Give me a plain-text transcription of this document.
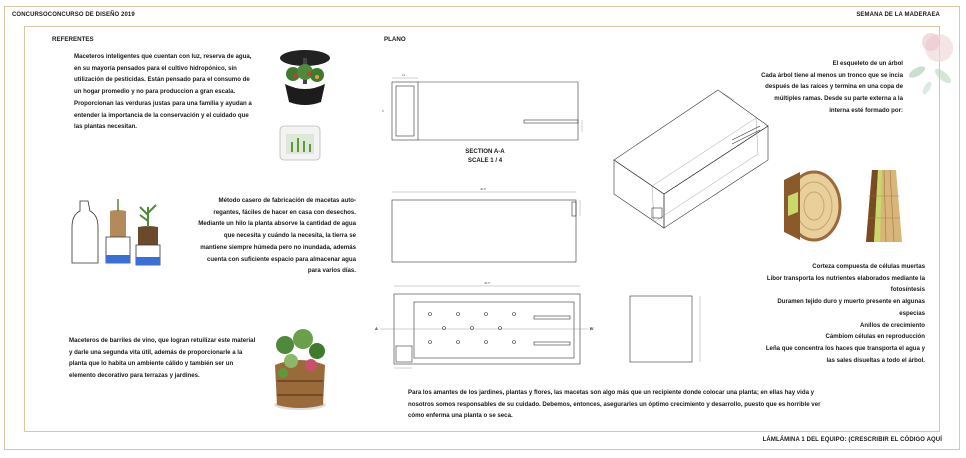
CONCURSOCONCURSO DE DISEÑO 2019	SEMANA DE LA MADERAEA
LÁMLÁMINA 1 DEL EQUIPO: (CRESCRIBIR EL CÓDIGO AQUÍ
REFERENTES	PLANO
Maceteros inteligentes que cuentan con luz, reserva de agua, en su mayoría pensados para el cultivo hidropónico, sin utilización de pesticidas. Están pensado para el consumo de un hogar promedio y no para produccion a gran escala. Proporcionan las verduras justas para una familia y ayudan a entender la importancia de la conservación y el cuidado que las plantas necesitan.
Método casero de fabricación de macetas auto-regantes, fáciles de hacer en casa con desechos. Mediante un hilo la planta absorve la cantidad de agua que necesita y cuándo la necesita, la tierra se mantiene siempre húmeda pero no inundada, además cuenta con suficiente espacio para almacenar agua para varios días.
Maceteros de barriles de vino, que logran retuilizar este material y darle una segunda vita útil, además de proporcionarle a la planta que lo habita un ambiente cálido y también ser un elemento decorativo para terrazas y jardines.
12
9
SECTION A-A
SCALE 1 / 4
40.5
40.5
A	B'
El esqueleto de un árbol
Cada árbol tiene al menos un tronco que se incia después de las raíces y termina en una copa de múltiples ramas. Desde su parte externa a la interna esté formado por:
Corteza compuesta de células muertas
Libor transporta los nutrientes elaborados mediante la fotosíntesis
Duramen tejido duro y muerto presente en algunas especias
Anillos de crecimiento
Cámbiom células en reproducción
Leña que concentra los haces que transporta el agua y las sales disueltas a todo el árbol.
Para los amantes de los jardines, plantas y flores, las macetas son algo más que un recipiente donde colocar una planta; en ellas hay vida y nosotros somos responsables de su cuidado. Debemos, entonces, asegurarles un óptimo crecimiento y desarrollo, puesto que es horrible ver cómo enferma una planta o se seca.
